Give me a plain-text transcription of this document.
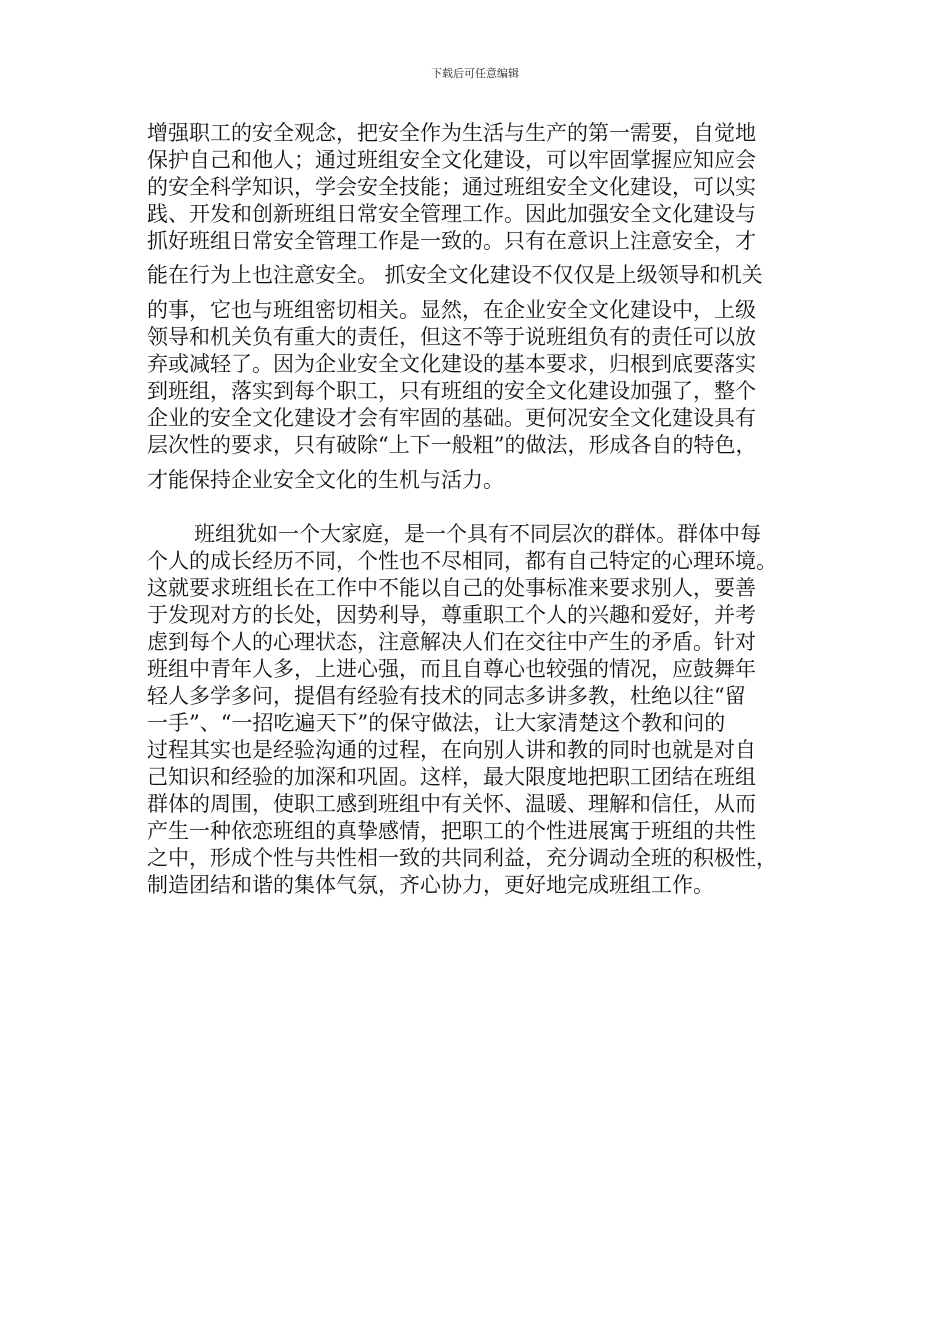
下载后可任意编辑
增强职工的安全观念，把安全作为生活与生产的第一需要，自觉地
保护自己和他人；通过班组安全文化建设，可以牢固掌握应知应会
的安全科学知识，学会安全技能；通过班组安全文化建设，可以实
践、开发和创新班组日常安全管理工作。因此加强安全文化建设与
抓好班组日常安全管理工作是一致的。只有在意识上注意安全，才
能在行为上也注意安全。 抓安全文化建设不仅仅是上级领导和机关
的事，它也与班组密切相关。显然，在企业安全文化建设中，上级
领导和机关负有重大的责任，但这不等于说班组负有的责任可以放
弃或减轻了。因为企业安全文化建设的基本要求，归根到底要落实
到班组，落实到每个职工，只有班组的安全文化建设加强了，整个
企业的安全文化建设才会有牢固的基础。更何况安全文化建设具有
层次性的要求，只有破除“上下一般粗”的做法，形成各自的特色，
才能保持企业安全文化的生机与活力。
班组犹如一个大家庭，是一个具有不同层次的群体。群体中每
个人的成长经历不同，个性也不尽相同，都有自己特定的心理环境。
这就要求班组长在工作中不能以自己的处事标准来要求别人，要善
于发现对方的长处，因势利导，尊重职工个人的兴趣和爱好，并考
虑到每个人的心理状态，注意解决人们在交往中产生的矛盾。针对
班组中青年人多，上进心强，而且自尊心也较强的情况，应鼓舞年
轻人多学多问，提倡有经验有技术的同志多讲多教，杜绝以往“留
一手”、“一招吃遍天下”的保守做法，让大家清楚这个教和问的
过程其实也是经验沟通的过程，在向别人讲和教的同时也就是对自
己知识和经验的加深和巩固。这样，最大限度地把职工团结在班组
群体的周围，使职工感到班组中有关怀、温暖、理解和信任，从而
产生一种依恋班组的真挚感情，把职工的个性进展寓于班组的共性
之中，形成个性与共性相一致的共同利益，充分调动全班的积极性，
制造团结和谐的集体气氛，齐心协力，更好地完成班组工作。
